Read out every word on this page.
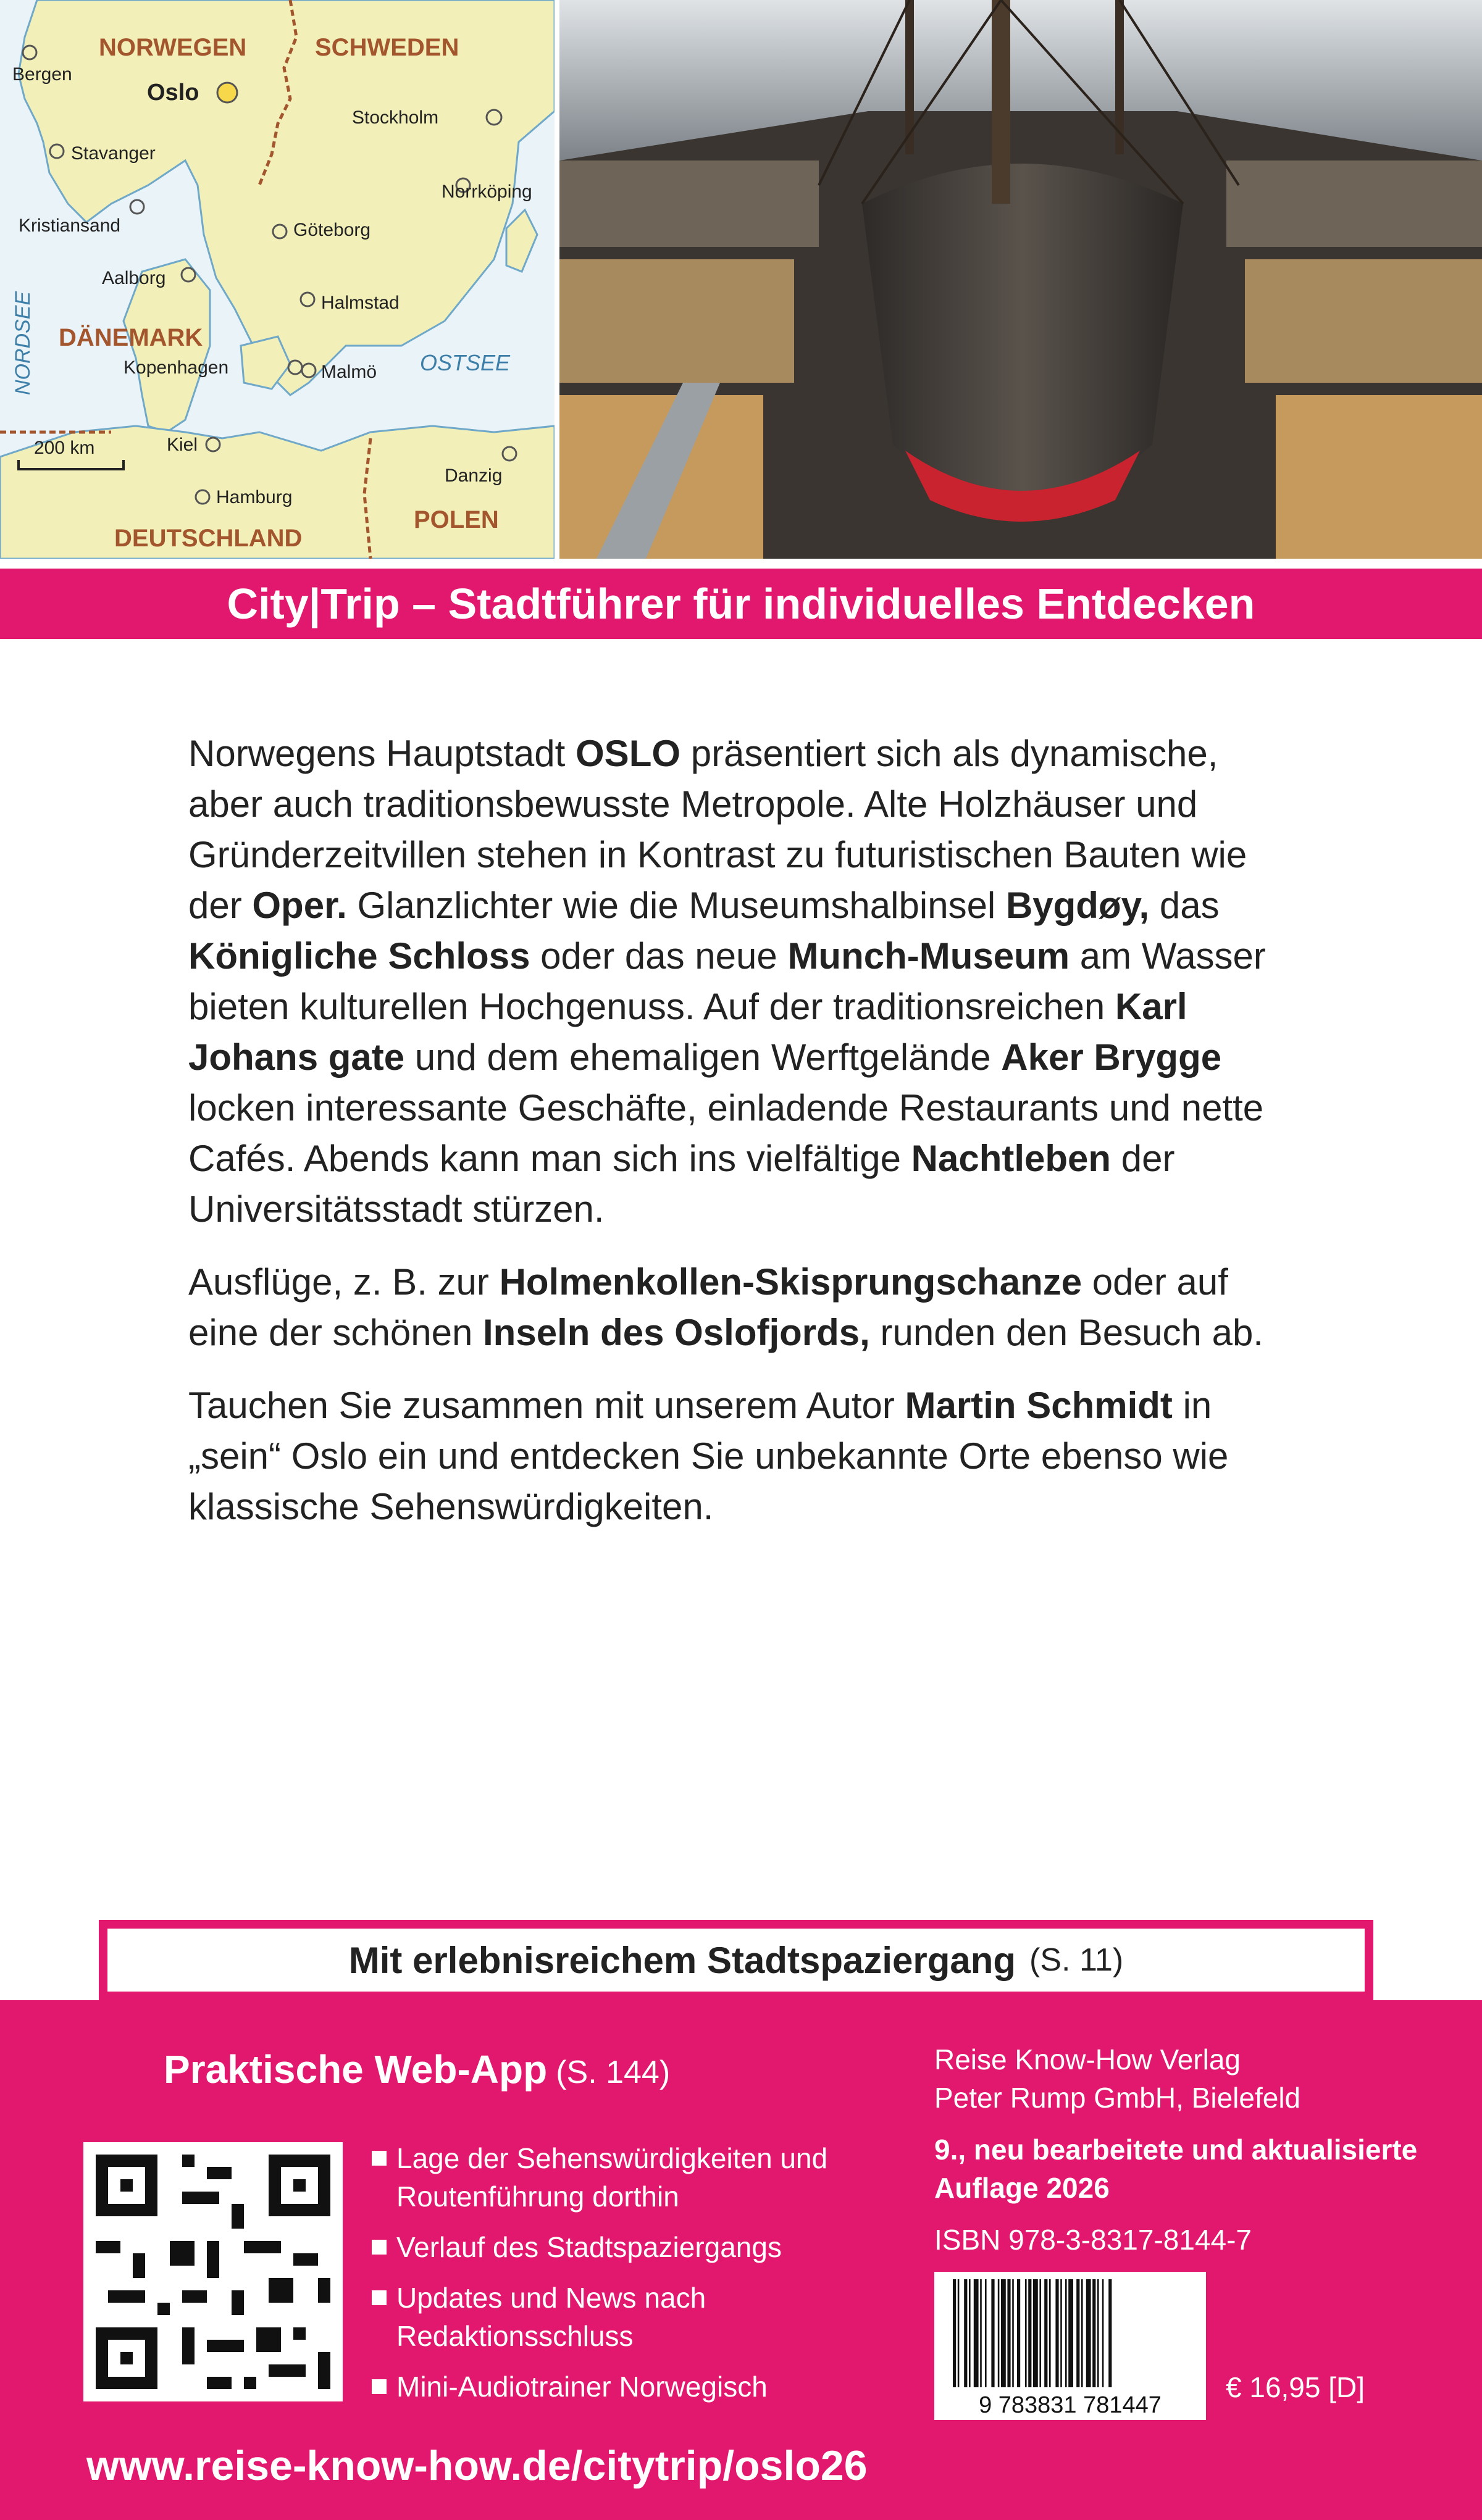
NORWEGEN	SCHWEDEN
DÄNEMARK
DEUTSCHLAND
POLEN
NORDSEE	OSTSEE
Bergen
Oslo
Stavanger
Kristiansand
Stockholm
Norrköping
Göteborg
Aalborg
Halmstad
Kopenhagen	Malmö
Kiel
Hamburg
Danzig
200 km
City|Trip – Stadtführer für individuelles Entdecken

Norwegens Hauptstadt OSLO präsentiert sich als dynamische, aber auch traditionsbewusste Metropole. Alte Holzhäuser und Gründerzeitvillen stehen in Kontrast zu futuristischen Bauten wie der Oper. Glanzlichter wie die Museumshalbinsel Bygdøy, das Königliche Schloss oder das neue Munch-Museum am Wasser bieten kulturellen Hochgenuss. Auf der traditionsreichen Karl Johans gate und dem ehemaligen Werftgelände Aker Brygge locken interessante Geschäfte, einladende Restaurants und nette Cafés. Abends kann man sich ins vielfältige Nachtleben der Universitätsstadt stürzen.

Ausflüge, z. B. zur Holmenkollen-Skisprungschanze oder auf eine der schönen Inseln des Oslofjords, runden den Besuch ab.

Tauchen Sie zusammen mit unserem Autor Martin Schmidt in „sein“ Oslo ein und entdecken Sie unbekannte Orte ebenso wie klassische Sehenswürdigkeiten.

Mit erlebnisreichem Stadtspaziergang (S. 11)
Praktische Web-App (S. 144)
Lage der Sehenswürdigkeiten und Routenführung dorthin
Verlauf des Stadtspaziergangs
Updates und News nach Redaktionsschluss
Mini-Audiotrainer Norwegisch
Reise Know-How Verlag
Peter Rump GmbH, Bielefeld
9., neu bearbeitete und aktualisierte Auflage 2026
ISBN 978-3-8317-8144-7
9 783831 781447
€ 16,95 [D]
www.reise-know-how.de/citytrip/oslo26
